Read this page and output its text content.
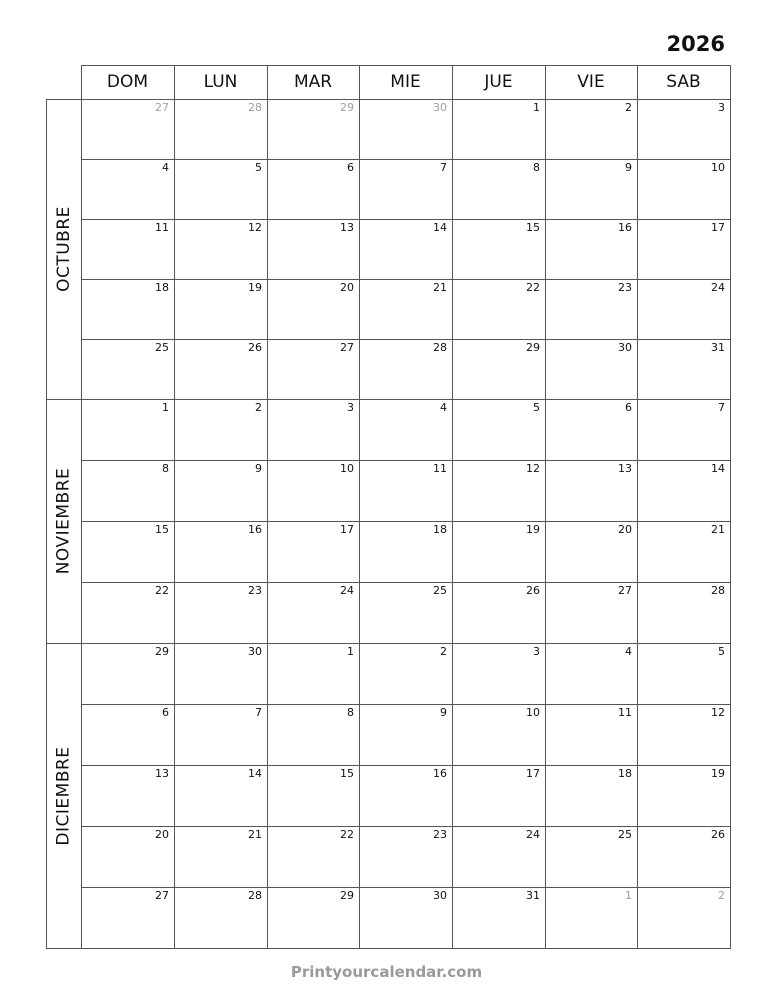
2026
DOM	LUN	MAR	MIE	JUE	VIE	SAB
27	28	29	30	1	2	3
4	5	6	7	8	9	10
11	12	13	14	15	16	17
18	19	20	21	22	23	24
25	26	27	28	29	30	31
OCTUBRE
1	2	3	4	5	6	7
8	9	10	11	12	13	14
15	16	17	18	19	20	21
22	23	24	25	26	27	28
NOVIEMBRE
29	30	1	2	3	4	5
6	7	8	9	10	11	12
13	14	15	16	17	18	19
20	21	22	23	24	25	26
27	28	29	30	31	1	2
DICIEMBRE
Printyourcalendar.com
